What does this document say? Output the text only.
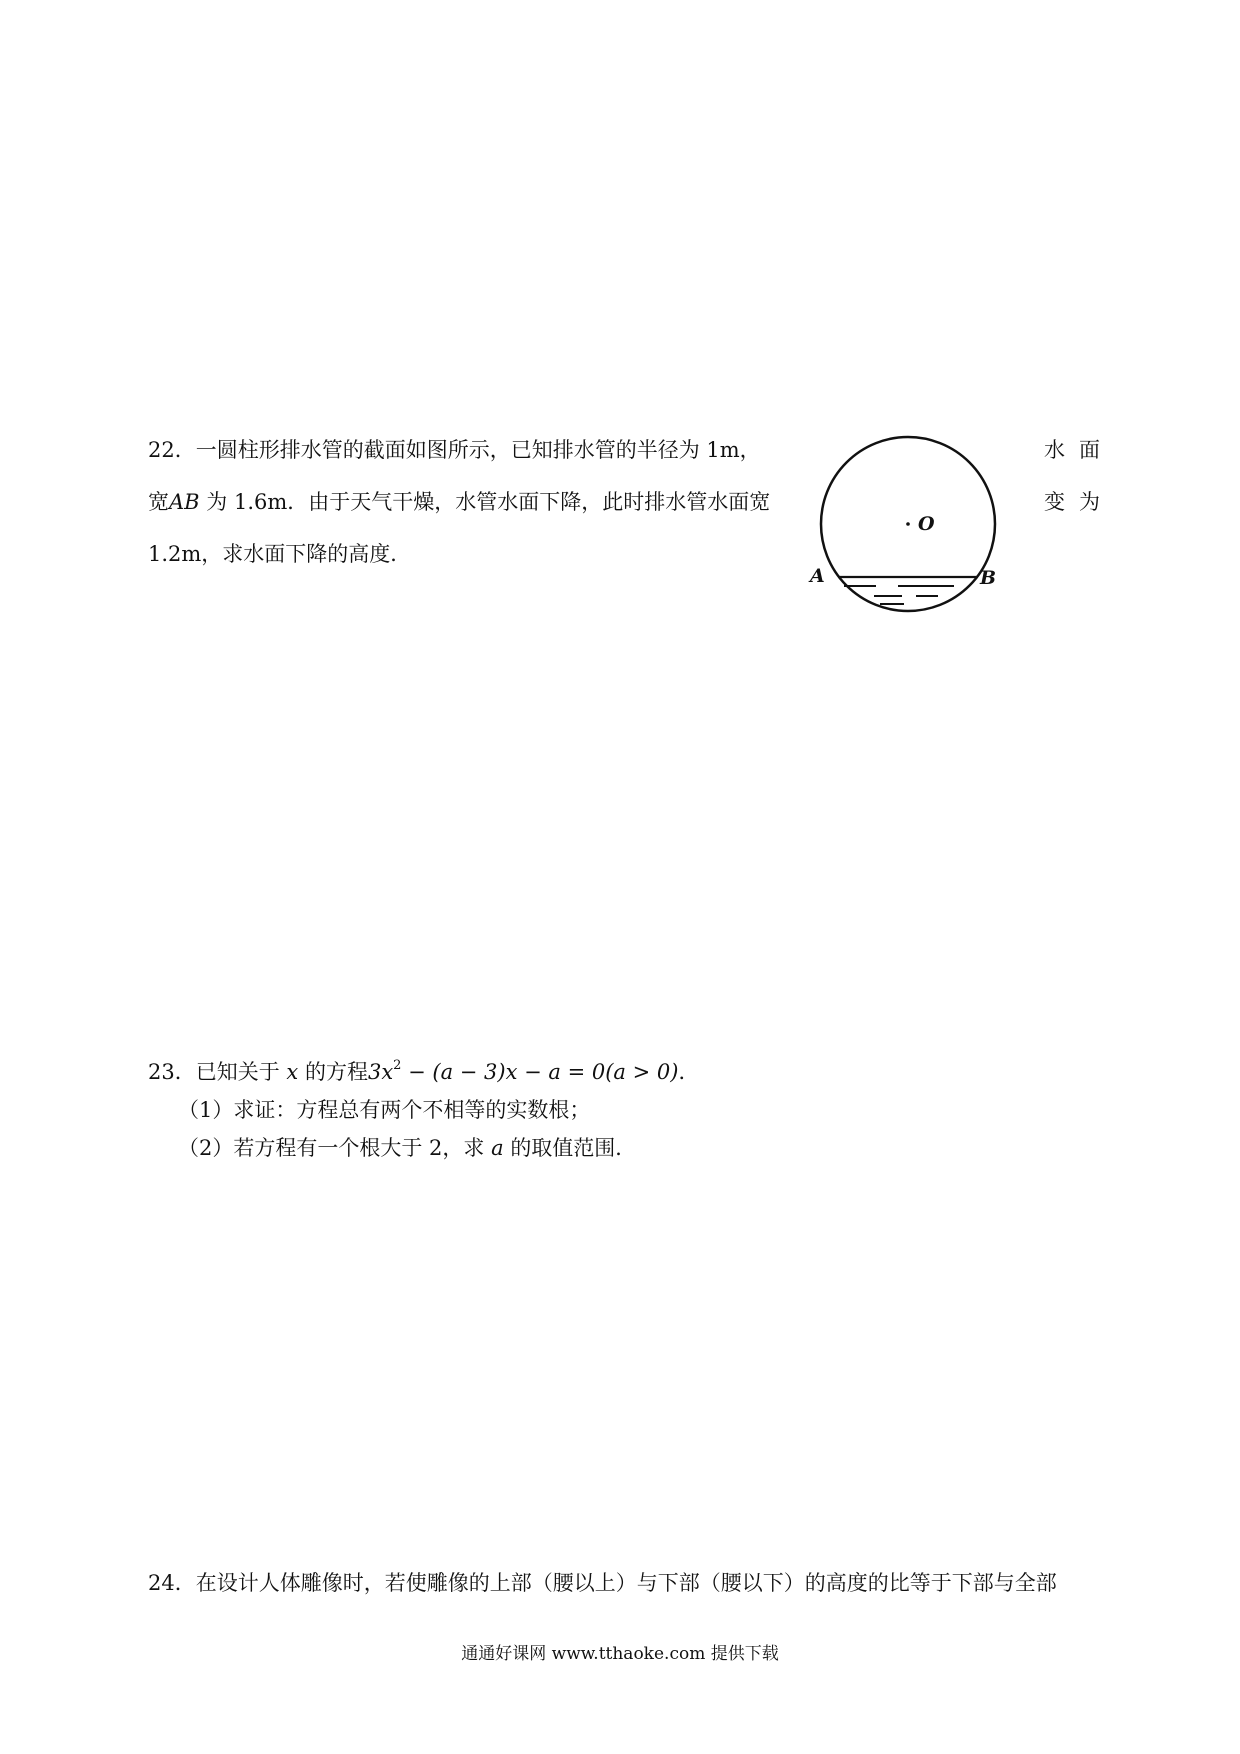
22．一圆柱形排水管的截面如图所示，已知排水管的半径为 1m，	水面
宽AB 为 1.6m．由于天气干燥，水管水面下降，此时排水管水面宽	变为
1.2m，求水面下降的高度．
O
A	B
23．已知关于 x 的方程$3x^2 - (a - 3)x - a = 0(a > 0)$．
（1）求证：方程总有两个不相等的实数根；
（2）若方程有一个根大于 2，求 a 的取值范围．
24．在设计人体雕像时，若使雕像的上部（腰以上）与下部（腰以下）的高度的比等于下部与全部
通通好课网 www.tthaoke.com 提供下载
